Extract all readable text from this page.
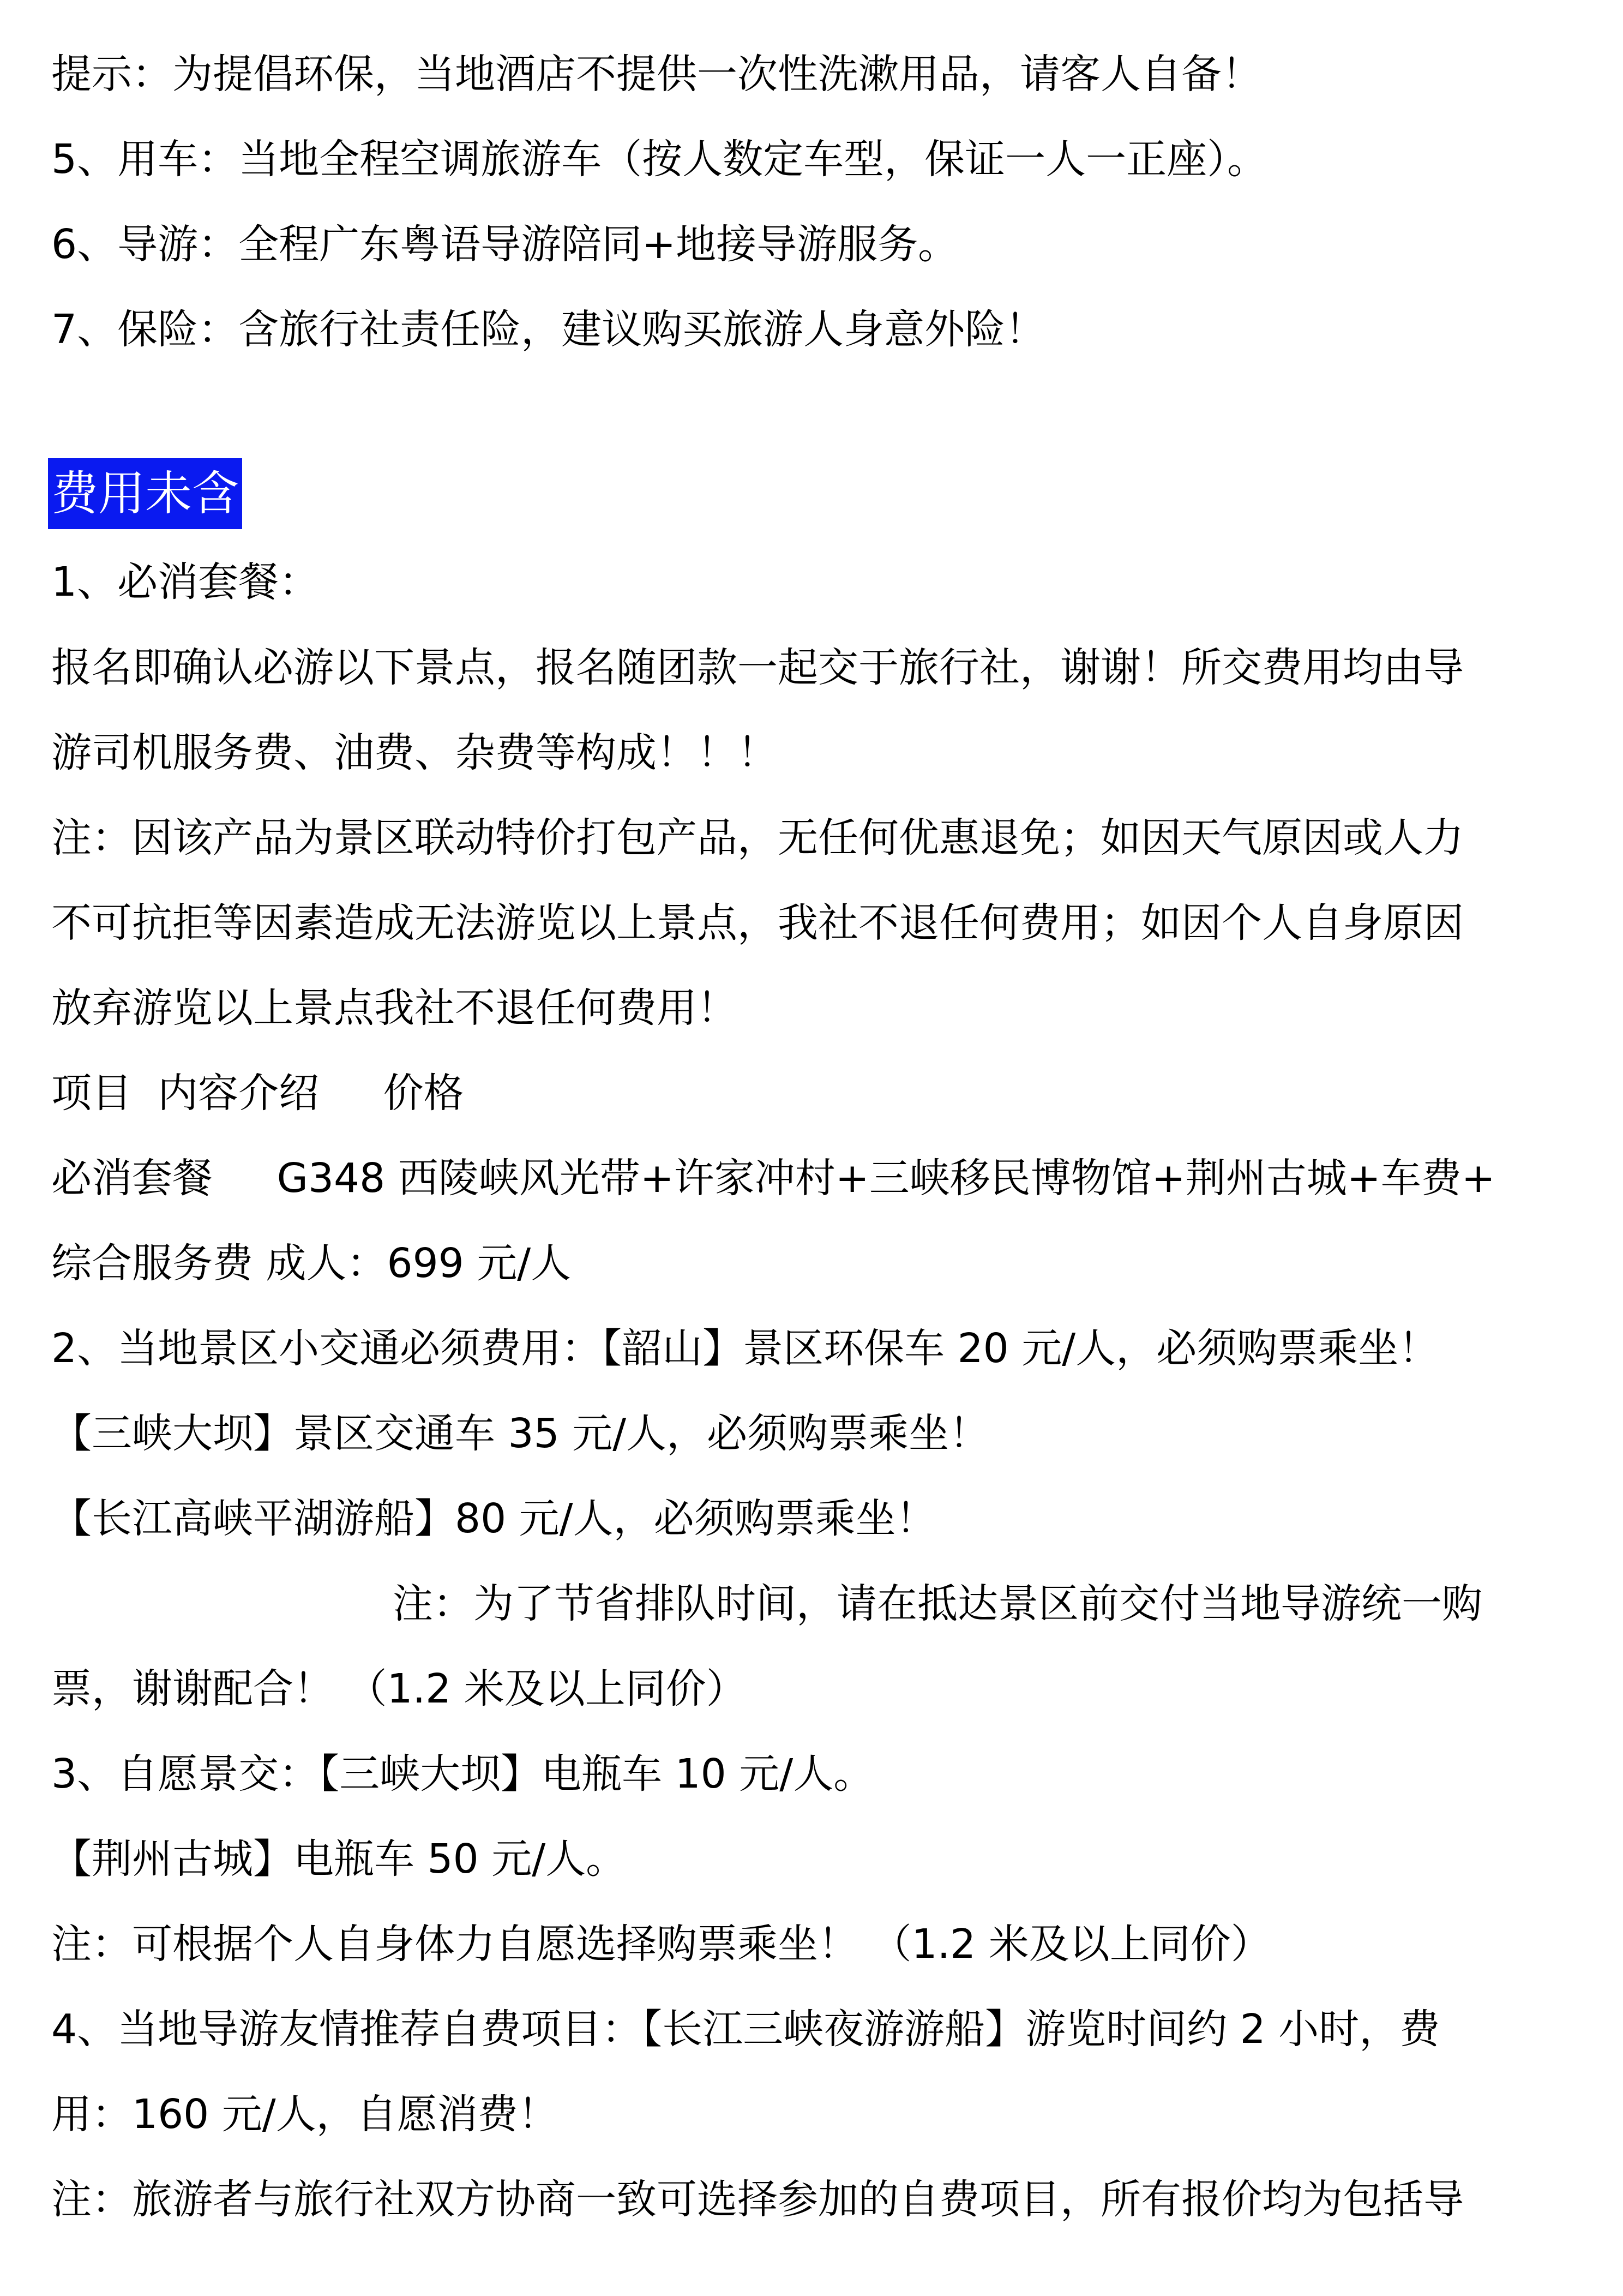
提示：为提倡环保，当地酒店不提供一次性洗漱用品，请客人自备！
5、用车：当地全程空调旅游车（按人数定车型，保证一人一正座）。
6、导游：全程广东粤语导游陪同+地接导游服务。
7、保险：含旅行社责任险，建议购买旅游人身意外险！
费用未含
1、必消套餐：
报名即确认必游以下景点，报名随团款一起交于旅行社，谢谢！所交费用均由导
游司机服务费、油费、杂费等构成！！！
注：因该产品为景区联动特价打包产品，无任何优惠退免；如因天气原因或人力
不可抗拒等因素造成无法游览以上景点，我社不退任何费用；如因个人自身原因
放弃游览以上景点我社不退任何费用！
项目  内容介绍     价格
必消套餐     G348 西陵峡风光带+许家冲村+三峡移民博物馆+荆州古城+车费+
综合服务费 成人：699 元/人
2、当地景区小交通必须费用：【韶山】景区环保车 20 元/人，必须购票乘坐！
【三峡大坝】景区交通车 35 元/人，必须购票乘坐！
【长江高峡平湖游船】80 元/人，必须购票乘坐！
注：为了节省排队时间，请在抵达景区前交付当地导游统一购
票，谢谢配合！ （1.2 米及以上同价）
3、自愿景交：【三峡大坝】电瓶车 10 元/人。
【荆州古城】电瓶车 50 元/人。
注：可根据个人自身体力自愿选择购票乘坐！ （1.2 米及以上同价）
4、当地导游友情推荐自费项目：【长江三峡夜游游船】游览时间约 2 小时，费
用：160 元/人，自愿消费！
注：旅游者与旅行社双方协商一致可选择参加的自费项目，所有报价均为包括导
